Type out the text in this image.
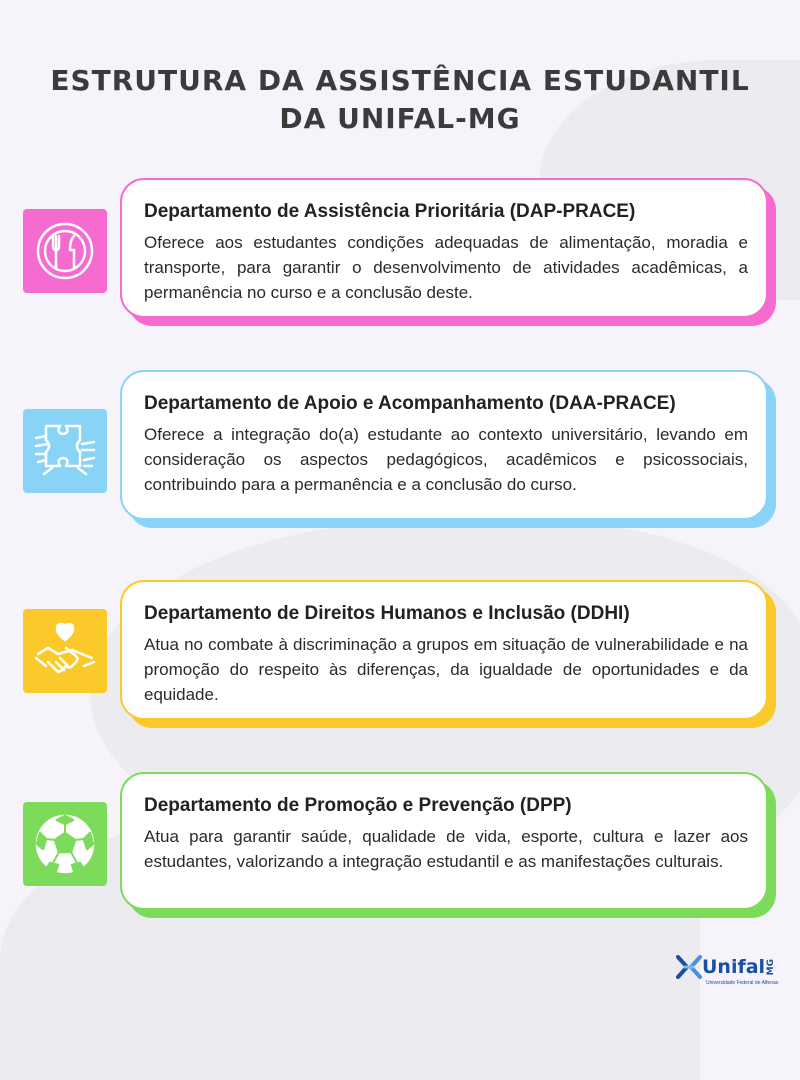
ESTRUTURA DA ASSISTÊNCIA ESTUDANTIL
DA UNIFAL-MG
Departamento de Assistência Prioritária (DAP-PRACE)

Oferece aos estudantes condições adequadas de alimentação, moradia e transporte, para garantir o desenvolvimento de atividades acadêmicas, a permanência no curso e a conclusão deste.

Departamento de Apoio e Acompanhamento (DAA-PRACE)

Oferece a integração do(a) estudante ao contexto universitário, levando em consideração os aspectos pedagógicos, acadêmicos e psicossociais, contribuindo para a permanência e a conclusão do curso.

Departamento de Direitos Humanos e Inclusão (DDHI)

Atua no combate à discriminação a grupos em situação de vulnerabilidade e na promoção do respeito às diferenças, da igualdade de oportunidades e da equidade.

Departamento de Promoção e Prevenção (DPP)

Atua para garantir saúde, qualidade de vida, esporte, cultura e lazer aos estudantes, valorizando a integração estudantil e as manifestações culturais.

Unifal MG
Universidade Federal de Alfenas
